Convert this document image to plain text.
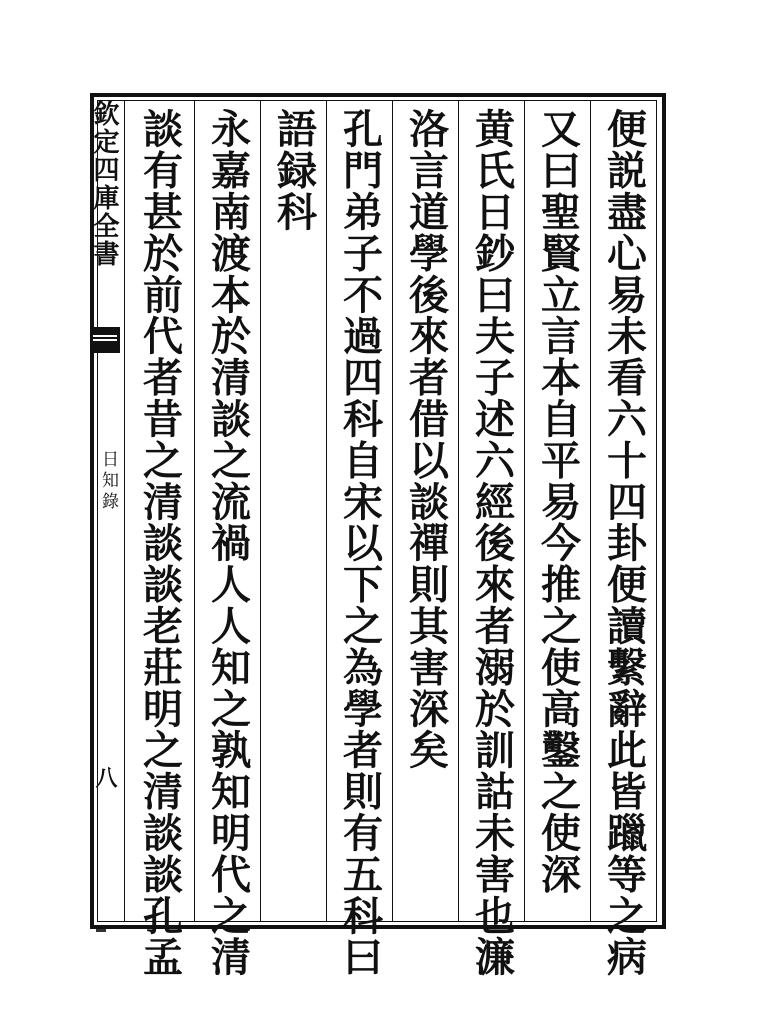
欽定四庫全書
日知錄
八	便説盡心易未看六十四卦便讀繫辭此皆躐等之病
又曰聖賢立言本自平易今推之使高鑿之使深
黄氏日鈔曰夫子述六經後來者溺於訓詁未害也濂
洛言道學後來者借以談禪則其害深矣
孔門弟子不過四科自宋以下之為學者則有五科曰
語録科
永嘉南渡本於清談之流禍人人知之孰知明代之清
談有甚於前代者昔之清談談老莊明之清談談孔孟
